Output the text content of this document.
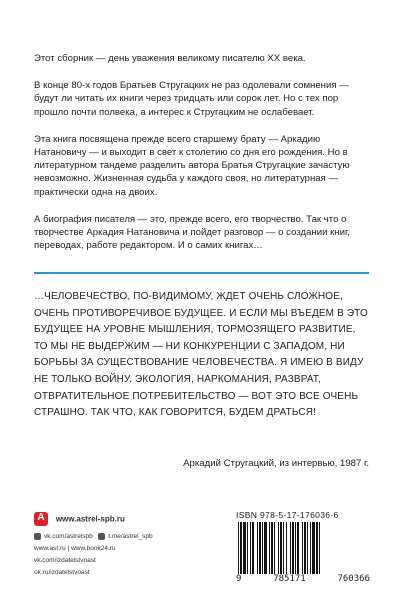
Этот сборник — день уважения великому писателю XX века.

В конце 80-х годов Братьев Стругацких не раз одолевали сомнения — будут ли читать их книги через тридцать или сорок лет. Но с тех пор прошло почти полвека, а интерес к Стругацким не ослабевает.

Эта книга посвящена прежде всего старшему брату — Аркадию Натановичу — и выходит в свет к столетию со дня его рождения. Но в литературном тандеме разделить автора Братья Стругацкие зачастую невозможно. Жизненная судьба у каждого своя, но литературная — практически одна на двоих.

А биография писателя — это, прежде всего, его творчество. Так что о творчестве Аркадия Натановича и пойдет разговор — о создании книг, переводах, работе редактором. И о самих книгах…

…ЧЕЛОВЕЧЕСТВО, ПО-ВИДИМОМУ, ЖДЕТ ОЧЕНЬ СЛОЖНОЕ, ОЧЕНЬ ПРОТИВОРЕЧИВОЕ БУДУЩЕЕ. И ЕСЛИ МЫ ВЪЕДЕМ В ЭТО БУДУЩЕЕ НА УРОВНЕ МЫШЛЕНИЯ, ТОРМОЗЯЩЕГО РАЗВИТИЕ, ТО МЫ НЕ ВЫДЕРЖИМ — НИ КОНКУРЕНЦИИ С ЗАПАДОМ, НИ БОРЬБЫ ЗА СУЩЕСТВОВАНИЕ ЧЕЛОВЕЧЕСТВА. Я ИМЕЮ В ВИДУ НЕ ТОЛЬКО ВОЙНУ. ЭКОЛОГИЯ, НАРКОМАНИЯ, РАЗВРАТ, ОТВРАТИТЕЛЬНОЕ ПОТРЕБИТЕЛЬСТВО — ВОТ ЭТО ВСЕ ОЧЕНЬ СТРАШНО. ТАК ЧТО, КАК ГОВОРИТСЯ, БУДЕМ ДРАТЬСЯ!
Аркадий Стругацкий, из интервью, 1987 г.
A www.astrel-spb.ru
vk.com/astrelspb t.me/astrel_spb
www.ast.ru | www.book24.ru
vk.com/izdatelstvoast
ok.ru/izdatelstvoast
ISBN 978-5-17-176036-6
9	785171	760366
